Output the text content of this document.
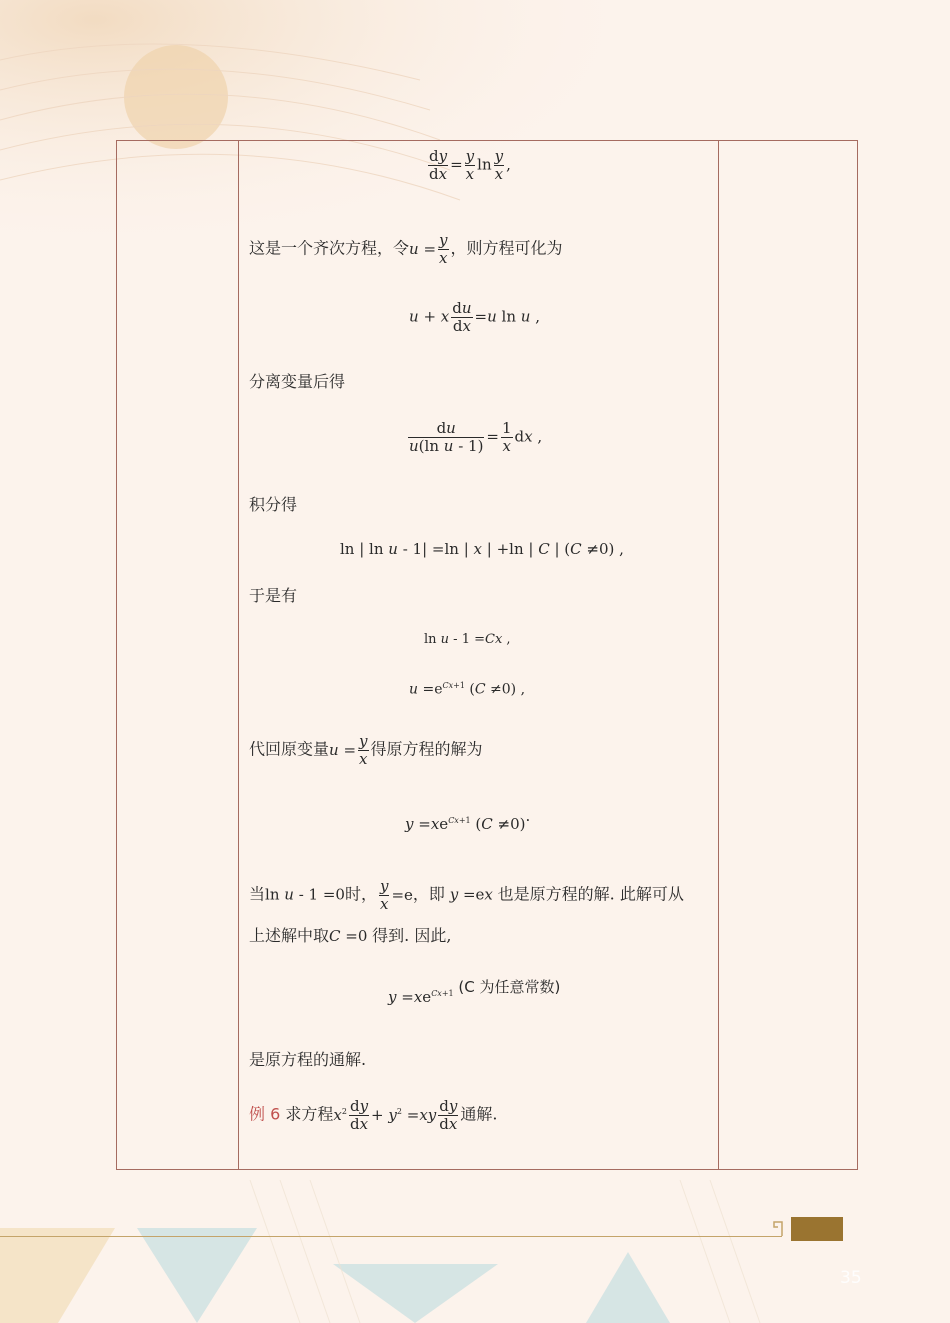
$\frac{dy}{dx} = \frac{y}{x}$ $\ln \frac{y}{x}$ ,
这是一个齐次方程，令$u = \frac{y}{x}$ ，则方程可化为
u + x $\frac{du}{dx} =u$ ln u ,
分离变量后得
$\frac{du}{\text{u(ln u - 1)}} = \frac{1}{x}$ dx ,
积分得
ln | ln u - 1| =ln | x | +ln | C | (C ≠0) ,
于是有
ln u - 1 =Cx ,
$u =e^{Cx+1}$ (C ≠0) ,
代回原变量$u = \frac{y}{x}$ 得原方程的解为
$y =xe^{Cx+1}$ (C ≠0).
当ln u - 1 =0时， $\frac{y}{x} =e$，即 y =ex 也是原方程的解. 此解可从
上述解中取C =0 得到. 因此,
$y =xe^{Cx+1}$ (C 为任意常数)
是原方程的通解.
例 6 求方程$x^2 \frac{dy}{dx} + y^2 =xy \frac{dy}{dx}$ 通解.
35
